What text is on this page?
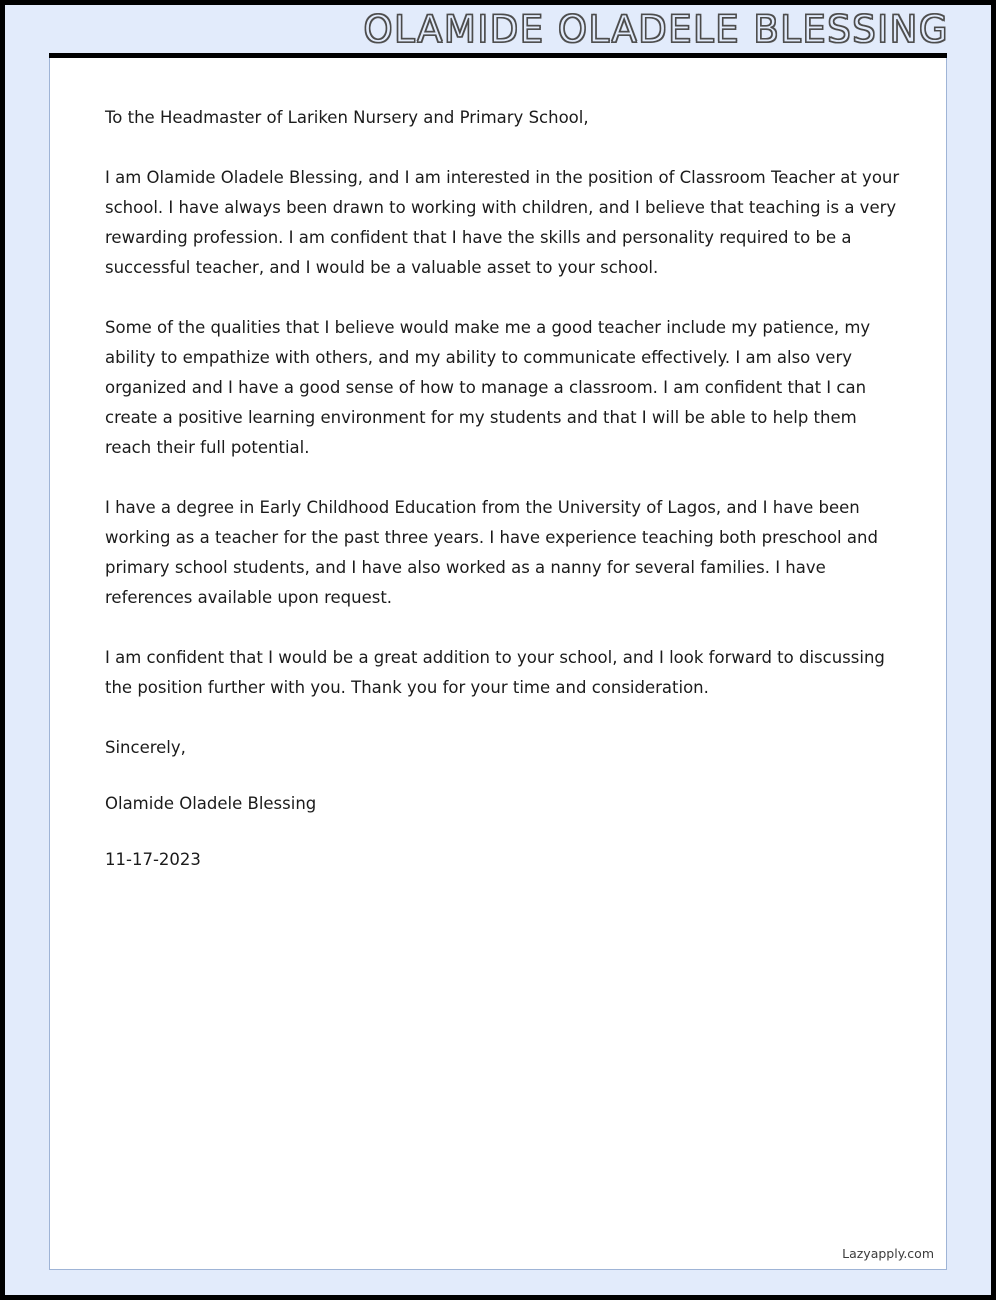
OLAMIDE OLADELE BLESSING

To the Headmaster of Lariken Nursery and Primary School,

I am Olamide Oladele Blessing, and I am interested in the position of Classroom Teacher at your school. I have always been drawn to working with children, and I believe that teaching is a very rewarding profession. I am confident that I have the skills and personality required to be a successful teacher, and I would be a valuable asset to your school.

Some of the qualities that I believe would make me a good teacher include my patience, my ability to empathize with others, and my ability to communicate effectively. I am also very organized and I have a good sense of how to manage a classroom. I am confident that I can create a positive learning environment for my students and that I will be able to help them reach their full potential.

I have a degree in Early Childhood Education from the University of Lagos, and I have been working as a teacher for the past three years. I have experience teaching both preschool and primary school students, and I have also worked as a nanny for several families. I have references available upon request.

I am confident that I would be a great addition to your school, and I look forward to discussing the position further with you. Thank you for your time and consideration.

Sincerely,

Olamide Oladele Blessing

11-17-2023

Lazyapply.com
